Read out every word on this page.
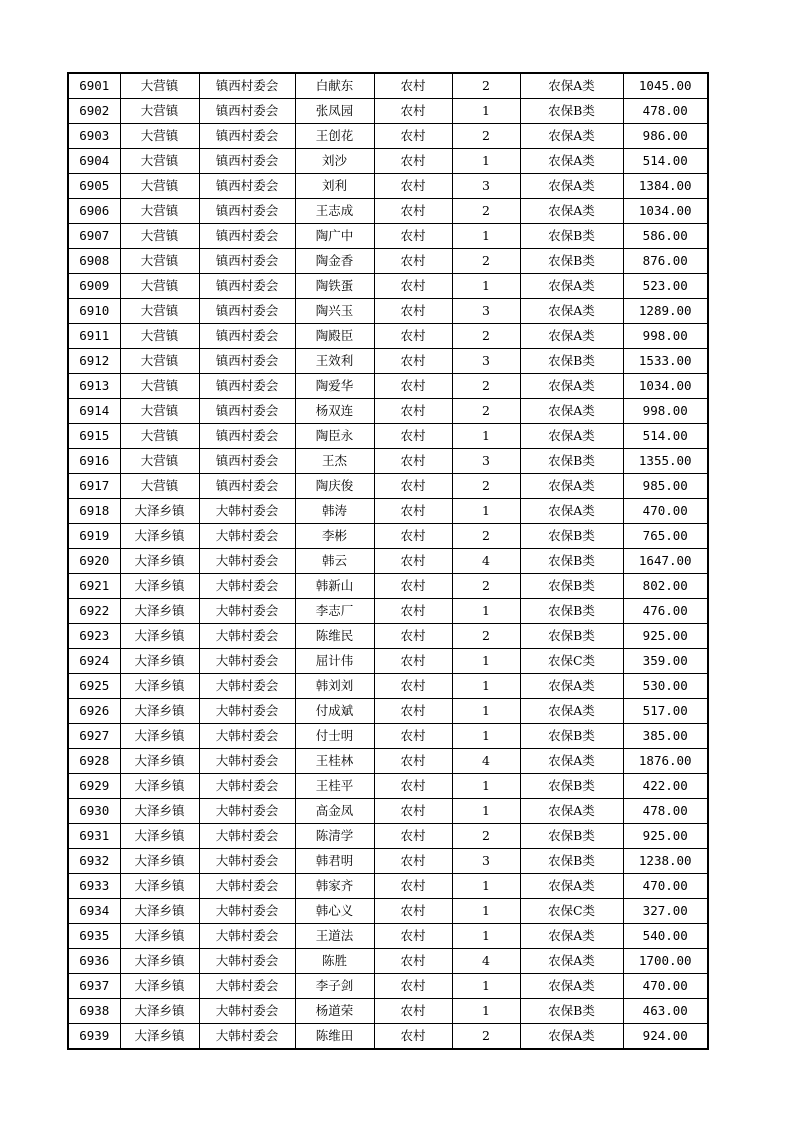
6901	大营镇	镇西村委会	白献东	农村	2	农保A类	1045.00
6902	大营镇	镇西村委会	张凤园	农村	1	农保B类	478.00
6903	大营镇	镇西村委会	王创花	农村	2	农保A类	986.00
6904	大营镇	镇西村委会	刘沙	农村	1	农保A类	514.00
6905	大营镇	镇西村委会	刘利	农村	3	农保A类	1384.00
6906	大营镇	镇西村委会	王志成	农村	2	农保A类	1034.00
6907	大营镇	镇西村委会	陶广中	农村	1	农保B类	586.00
6908	大营镇	镇西村委会	陶金香	农村	2	农保B类	876.00
6909	大营镇	镇西村委会	陶铁蛋	农村	1	农保A类	523.00
6910	大营镇	镇西村委会	陶兴玉	农村	3	农保A类	1289.00
6911	大营镇	镇西村委会	陶殿臣	农村	2	农保A类	998.00
6912	大营镇	镇西村委会	王效利	农村	3	农保B类	1533.00
6913	大营镇	镇西村委会	陶爱华	农村	2	农保A类	1034.00
6914	大营镇	镇西村委会	杨双连	农村	2	农保A类	998.00
6915	大营镇	镇西村委会	陶臣永	农村	1	农保A类	514.00
6916	大营镇	镇西村委会	王杰	农村	3	农保B类	1355.00
6917	大营镇	镇西村委会	陶庆俊	农村	2	农保A类	985.00
6918	大泽乡镇	大韩村委会	韩涛	农村	1	农保A类	470.00
6919	大泽乡镇	大韩村委会	李彬	农村	2	农保B类	765.00
6920	大泽乡镇	大韩村委会	韩云	农村	4	农保B类	1647.00
6921	大泽乡镇	大韩村委会	韩新山	农村	2	农保B类	802.00
6922	大泽乡镇	大韩村委会	李志厂	农村	1	农保B类	476.00
6923	大泽乡镇	大韩村委会	陈维民	农村	2	农保B类	925.00
6924	大泽乡镇	大韩村委会	屈计伟	农村	1	农保C类	359.00
6925	大泽乡镇	大韩村委会	韩刘刘	农村	1	农保A类	530.00
6926	大泽乡镇	大韩村委会	付成斌	农村	1	农保A类	517.00
6927	大泽乡镇	大韩村委会	付士明	农村	1	农保B类	385.00
6928	大泽乡镇	大韩村委会	王桂林	农村	4	农保A类	1876.00
6929	大泽乡镇	大韩村委会	王桂平	农村	1	农保B类	422.00
6930	大泽乡镇	大韩村委会	高金凤	农村	1	农保A类	478.00
6931	大泽乡镇	大韩村委会	陈清学	农村	2	农保B类	925.00
6932	大泽乡镇	大韩村委会	韩君明	农村	3	农保B类	1238.00
6933	大泽乡镇	大韩村委会	韩家齐	农村	1	农保A类	470.00
6934	大泽乡镇	大韩村委会	韩心义	农村	1	农保C类	327.00
6935	大泽乡镇	大韩村委会	王道法	农村	1	农保A类	540.00
6936	大泽乡镇	大韩村委会	陈胜	农村	4	农保A类	1700.00
6937	大泽乡镇	大韩村委会	李子剑	农村	1	农保A类	470.00
6938	大泽乡镇	大韩村委会	杨道荣	农村	1	农保B类	463.00
6939	大泽乡镇	大韩村委会	陈维田	农村	2	农保A类	924.00
